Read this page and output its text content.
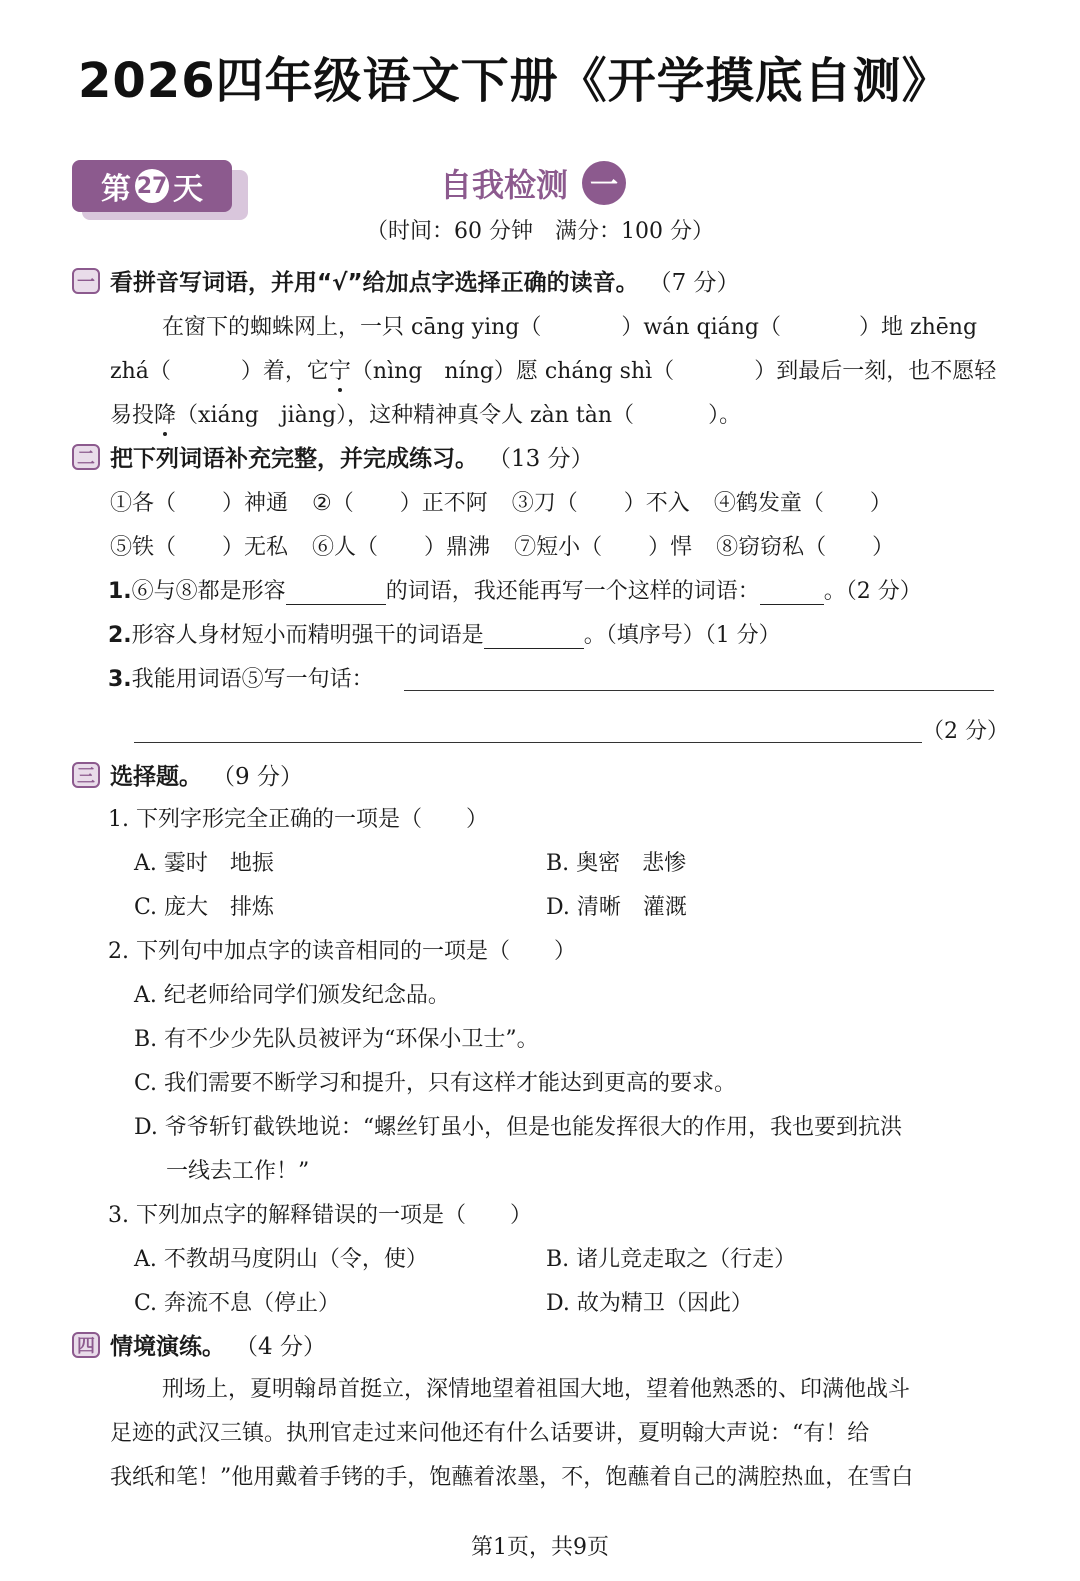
2026四年级语文下册《开学摸底自测》
第 27 天	自我检测 一
（时间：60 分钟　满分：100 分）
一 看拼音写词语，并用“√”给加点字选择正确的读音。 （7 分）
在窗下的蜘蛛网上，一只 cāng ying（	）wán qiáng（	）地 zhēng
zhá（	）着，它宁（nìng　níng）愿 cháng shì（	）到最后一刻，也不愿轻
易投降（xiáng　jiàng），这种精神真令人 zàn tàn（	）。
二 把下列词语补充完整，并完成练习。 （13 分）
①各（ ）神通 ②（ ）正不阿 ③刀（ ）不入 ④鹤发童（ ）
⑤铁（ ）无私 ⑥人（ ）鼎沸 ⑦短小（ ）悍 ⑧窃窃私（ ）
1.⑥与⑧都是形容	的词语，我还能再写一个这样的词语：	。（2 分）
2.形容人身材短小而精明强干的词语是	。（填序号）（1 分）
3.我能用词语⑤写一句话：
（2 分）
三 选择题。 （9 分）
1. 下列字形完全正确的一项是（　　）
A. 霎时　地振	B. 奥密　悲惨
C. 庞大　排炼	D. 清晰　灌溉
2. 下列句中加点字的读音相同的一项是（　　）
A. 纪老师给同学们颁发纪念品。
B. 有不少少先队员被评为“环保小卫士”。
C. 我们需要不断学习和提升，只有这样才能达到更高的要求。
D. 爷爷斩钉截铁地说：“螺丝钉虽小，但是也能发挥很大的作用，我也要到抗洪
一线去工作！”
3. 下列加点字的解释错误的一项是（　　）
A. 不教胡马度阴山（令，使）	B. 诸儿竞走取之（行走）
C. 奔流不息（停止）	D. 故为精卫（因此）
四 情境演练。 （4 分）
刑场上，夏明翰昂首挺立，深情地望着祖国大地，望着他熟悉的、印满他战斗
足迹的武汉三镇。执刑官走过来问他还有什么话要讲，夏明翰大声说：“有！给
我纸和笔！”他用戴着手铐的手，饱蘸着浓墨，不，饱蘸着自己的满腔热血，在雪白
第1页，共9页
